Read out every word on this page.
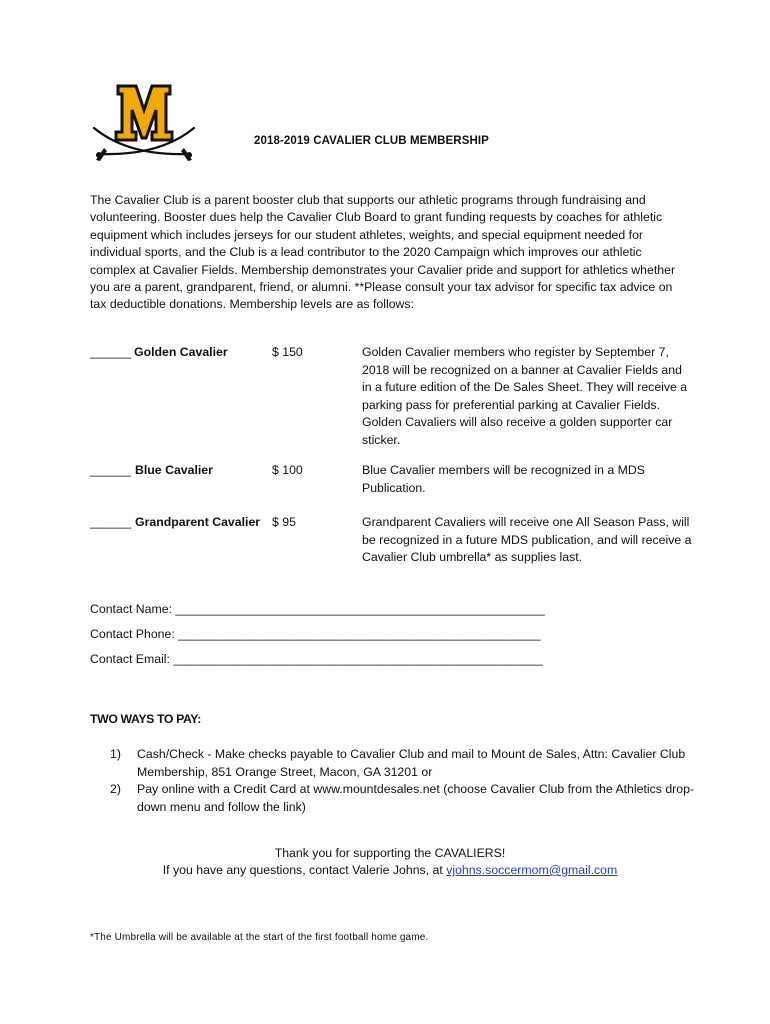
M	2018-2019 CAVALIER CLUB MEMBERSHIP
The Cavalier Club is a parent booster club that supports our athletic programs through fundraising and volunteering. Booster dues help the Cavalier Club Board to grant funding requests by coaches for athletic equipment which includes jerseys for our student athletes, weights, and special equipment needed for individual sports, and the Club is a lead contributor to the 2020 Campaign which improves our athletic complex at Cavalier Fields. Membership demonstrates your Cavalier pride and support for athletics whether you are a parent, grandparent, friend, or alumni. **Please consult your tax advisor for specific tax advice on tax deductible donations. Membership levels are as follows:
______ Golden Cavalier	$ 150	Golden Cavalier members who register by September 7, 2018 will be recognized on a banner at Cavalier Fields and in a future edition of the De Sales Sheet. They will receive a parking pass for preferential parking at Cavalier Fields. Golden Cavaliers will also receive a golden supporter car sticker.
______ Blue Cavalier	$ 100	Blue Cavalier members will be recognized in a MDS Publication.
______ Grandparent Cavalier $ 95	Grandparent Cavaliers will receive one All Season Pass, will be recognized in a future MDS publication, and will receive a Cavalier Club umbrella* as supplies last.
Contact Name: ______________________________________________________
Contact Phone: _____________________________________________________
Contact Email: ______________________________________________________
TWO WAYS TO PAY:
1) Cash/Check - Make checks payable to Cavalier Club and mail to Mount de Sales, Attn: Cavalier Club Membership, 851 Orange Street, Macon, GA 31201 or
2) Pay online with a Credit Card at www.mountdesales.net (choose Cavalier Club from the Athletics drop-down menu and follow the link)
Thank you for supporting the CAVALIERS!
If you have any questions, contact Valerie Johns, at vjohns.soccermom@gmail.com
*The Umbrella will be available at the start of the first football home game.
